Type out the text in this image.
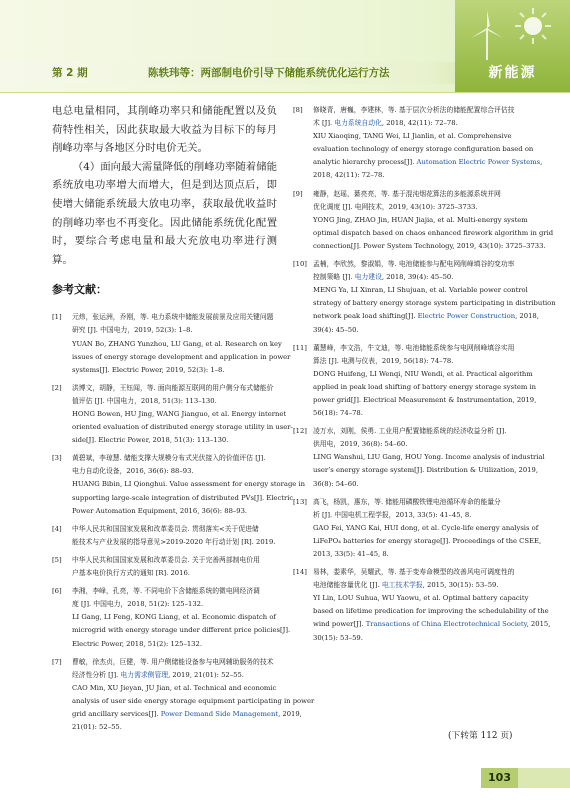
第 2 期	陈轶玮等：两部制电价引导下储能系统优化运行方法	新能源

电总电量相同，其削峰功率只和储能配置以及负荷特性相关，因此获取最大收益为目标下的每月削峰功率与各地区分时电价无关。

（4）面向最大需量降低的削峰功率随着储能系统放电功率增大而增大，但是到达顶点后，即使增大储能系统最大放电功率，获取最优收益时的削峰功率也不再变化。因此储能系统优化配置时，要综合考虑电量和最大充放电功率进行测算。

参考文献：
[1]	元炜，张运洲，乔刚，等. 电力系统中储能发展前景及应用关键问题
研究 [J]. 中国电力，2019, 52(3): 1–8.
YUAN Bo, ZHANG Yunzhou, LU Gang, et al. Research on key
issues of energy storage development and application in power
systems[J]. Electric Power, 2019, 52(3): 1–8.
[2]	洪博文，胡静，王钰闻，等. 面向能源互联网的用户侧分布式储能价
值评估 [J]. 中国电力，2018, 51(3): 113–130.
HONG Bowen, HU Jing, WANG Jianguo, et al. Energy internet
oriented evaluation of distributed energy storage utility in user-
side[J]. Electric Power, 2018, 51(3): 113–130.
[3]	黄碧斌，李琼慧. 储能支撑大规模分布式光伏接入的价值评估 [J].
电力自动化设备，2016, 36(6): 88–93.
HUANG Bibin, LI Qionghui. Value assessment for energy storage in
supporting large-scale integration of distributed PVs[J]. Electric
Power Automation Equipment, 2016, 36(6): 88–93.
[4]	中华人民共和国国家发展和改革委员会. 贯彻落实<关于促进储
能技术与产业发展的指导意见>2019-2020 年行动计划 [R]. 2019.
[5]	中华人民共和国国家发展和改革委员会. 关于完善两部制电价用
户基本电价执行方式的通知 [R]. 2016.
[6]	李湘，李峰，孔亮，等. 不同电价下含储能系统的微电网经济调
度 [J]. 中国电力，2018, 51(2): 125–132.
LI Gang, LI Feng, KONG Liang, et al. Economic dispatch of
microgrid with energy storage under different price policies[J].
Electric Power, 2018, 51(2): 125–132.
[7]	曹敏，徐杰贞，巨健，等. 用户侧储能设备参与电网辅助服务的技术
经济性分析 [J]. 电力需求侧管理, 2019, 21(01): 52–55.
CAO Min, XU Jieyan, JU Jian, et al. Technical and economic
analysis of user side energy storage equipment participating in power
grid ancillary services[J]. Power Demand Side Management, 2019,
21(01): 52–55.
[8]	修晓青，唐巍，李建林，等. 基于层次分析法的储能配置综合评估技
术 [J]. 电力系统自动化, 2018, 42(11): 72–78.
XIU Xiaoqing, TANG Wei, LI Jianlin, et al. Comprehensive
evaluation technology of energy storage configuration based on
analytic hierarchy process[J]. Automation Electric Power Systems,
2018, 42(11): 72–78.
[9]	雍静，赵瑶，綦亮亮，等. 基于混沌烟花算法的多能源系统并网
优化调度 [J]. 电网技术，2019, 43(10): 3725–3733.
YONG Jing, ZHAO Jin, HUAN Jiajia, et al. Multi-energy system
optimal dispatch based on chaos enhanced firework algorithm in grid
connection[J]. Power System Technology, 2019, 43(10): 3725–3733.
[10] 孟楠，李欣然，黎淑娟，等. 电池储能参与配电网削峰填谷的变功率
控制策略 [J]. 电力建设, 2018, 39(4): 45–50.
MENG Ya, LI Xinran, LI Shujuan, et al. Variable power control
strategy of battery energy storage system participating in distribution
network peak load shifting[J]. Electric Power Construction, 2018,
39(4): 45–50.
[11] 董慧峰，李文浩，牛文迪，等. 电池储能系统参与电网削峰填谷实用
算法 [J]. 电测与仪表，2019, 56(18): 74–78.
DONG Huifeng, LI Wenqi, NIU Wendi, et al. Practical algorithm
applied in peak load shifting of battery energy storage system in
power grid[J]. Electrical Measurement & Instrumentation, 2019,
56(18): 74–78.
[12] 凌万水，刘刚，侯勇. 工业用户配置储能系统的经济收益分析 [J].
供用电，2019, 36(8): 54–60.
LING Wanshui, LIU Gang, HOU Yong. Income analysis of industrial
user’s energy storage system[J]. Distribution & Utilization, 2019,
36(8): 54–60.
[13] 高飞，杨凯，惠东，等. 储能用磷酸铁锂电池循环寿命的能量分
析 [J]. 中国电机工程学报，2013, 33(5): 41–45, 8.
GAO Fei, YANG Kai, HUI dong, et al. Cycle-life energy analysis of
LiFePO₄ batteries for energy storage[J]. Proceedings of the CSEE,
2013, 33(5): 41–45, 8.
[14] 易林，娄素华，吴耀武，等. 基于变寿命模型的改善风电可调度性的
电池储能容量优化 [J]. 电工技术学报, 2015, 30(15): 53–59.
YI Lin, LOU Suhua, WU Yaowu, et al. Optimal battery capacity
based on lifetime predication for improving the schedulability of the
wind power[J]. Transactions of China Electrotechnical Society, 2015,
30(15): 53–59.
(下转第 112 页)
103
